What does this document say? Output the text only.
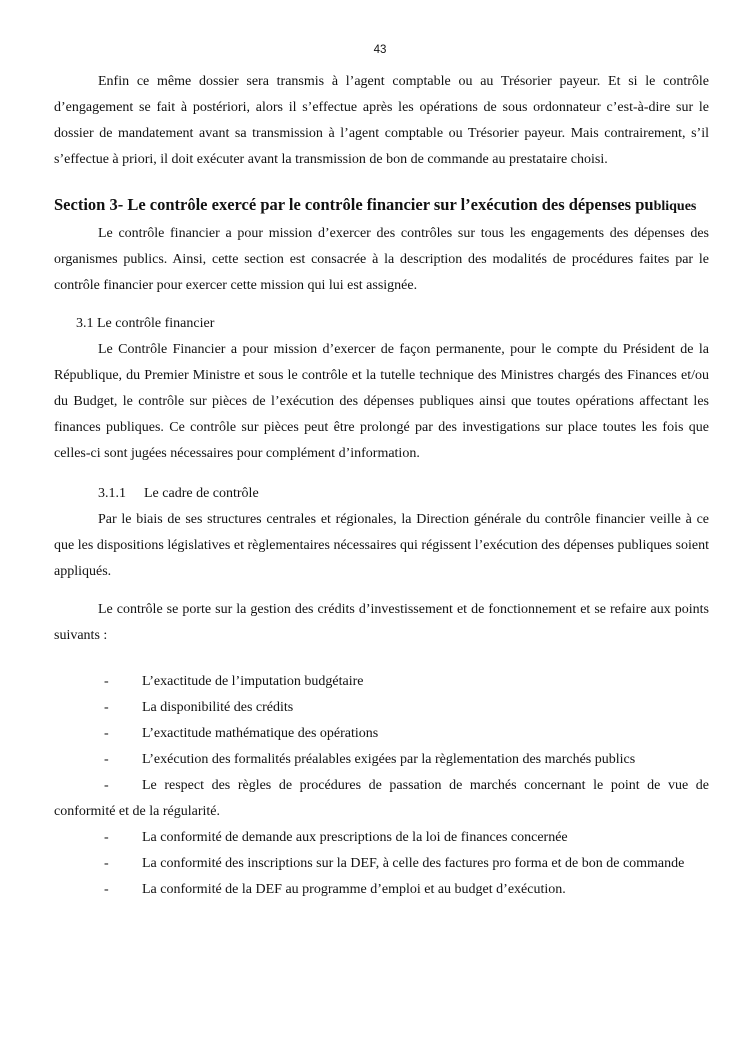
43

Enfin ce même dossier sera transmis à l’agent comptable ou au Trésorier payeur. Et si le contrôle d’engagement se fait à postériori, alors il s’effectue après les opérations de sous ordonnateur c’est-à-dire sur le dossier de mandatement avant sa transmission à l’agent comptable ou Trésorier payeur. Mais contrairement, s’il s’effectue à priori, il doit exécuter avant la transmission de bon de commande au prestataire choisi.

Section 3- Le contrôle exercé par le contrôle financier sur l’exécution des dépenses publiques

Le contrôle financier a pour mission d’exercer des contrôles sur tous les engagements des dépenses des organismes publics. Ainsi, cette section est consacrée à la description des modalités de procédures faites par le contrôle financier pour exercer cette mission qui lui est assignée.

3.1 Le contrôle financier

Le Contrôle Financier a pour mission d’exercer de façon permanente, pour le compte du Président de la République, du Premier Ministre et sous le contrôle et la tutelle technique des Ministres chargés des Finances et/ou du Budget, le contrôle sur pièces de l’exécution des dépenses publiques ainsi que toutes opérations affectant les finances publiques. Ce contrôle sur pièces peut être prolongé par des investigations sur place toutes les fois que celles-ci sont jugées nécessaires pour complément d’information.

3.1.1 Le cadre de contrôle

Par le biais de ses structures centrales et régionales, la Direction générale du contrôle financier veille à ce que les dispositions législatives et règlementaires nécessaires qui régissent l’exécution des dépenses publiques soient appliqués.

Le contrôle se porte sur la gestion des crédits d’investissement et de fonctionnement et se refaire aux points suivants :

- L’exactitude de l’imputation budgétaire
- La disponibilité des crédits
- L’exactitude mathématique des opérations
- L’exécution des formalités préalables exigées par la règlementation des marchés publics
- Le respect des règles de procédures de passation de marchés concernant le point de vue de conformité et de la régularité.
- La conformité de demande aux prescriptions de la loi de finances concernée
- La conformité des inscriptions sur la DEF, à celle des factures pro forma et de bon de commande
- La conformité de la DEF au programme d’emploi et au budget d’exécution.
